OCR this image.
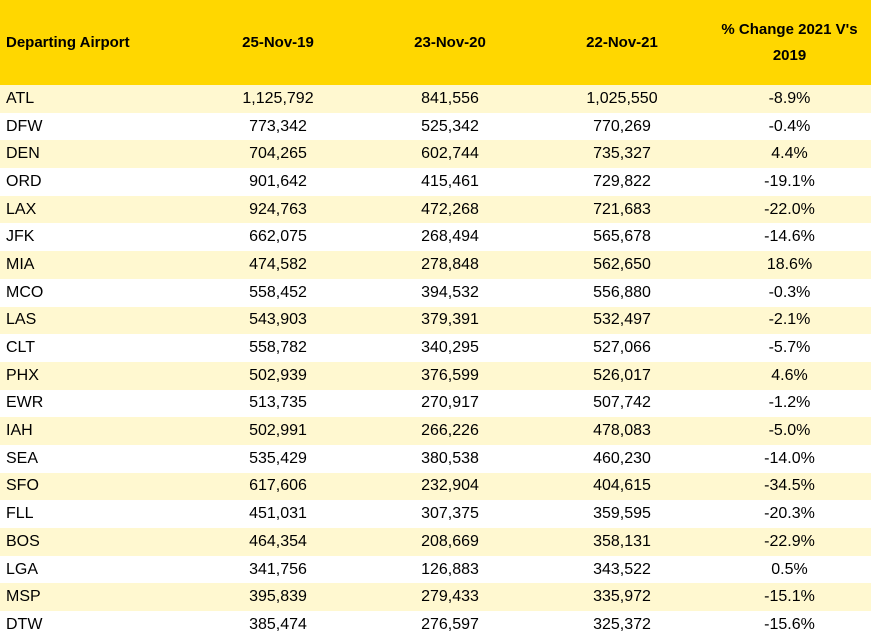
Departing Airport	25-Nov-19	23-Nov-20	22-Nov-21	% Change 2021 V's 2019
ATL	1,125,792	841,556	1,025,550	-8.9%
DFW	773,342	525,342	770,269	-0.4%
DEN	704,265	602,744	735,327	4.4%
ORD	901,642	415,461	729,822	-19.1%
LAX	924,763	472,268	721,683	-22.0%
JFK	662,075	268,494	565,678	-14.6%
MIA	474,582	278,848	562,650	18.6%
MCO	558,452	394,532	556,880	-0.3%
LAS	543,903	379,391	532,497	-2.1%
CLT	558,782	340,295	527,066	-5.7%
PHX	502,939	376,599	526,017	4.6%
EWR	513,735	270,917	507,742	-1.2%
IAH	502,991	266,226	478,083	-5.0%
SEA	535,429	380,538	460,230	-14.0%
SFO	617,606	232,904	404,615	-34.5%
FLL	451,031	307,375	359,595	-20.3%
BOS	464,354	208,669	358,131	-22.9%
LGA	341,756	126,883	343,522	0.5%
MSP	395,839	279,433	335,972	-15.1%
DTW	385,474	276,597	325,372	-15.6%
